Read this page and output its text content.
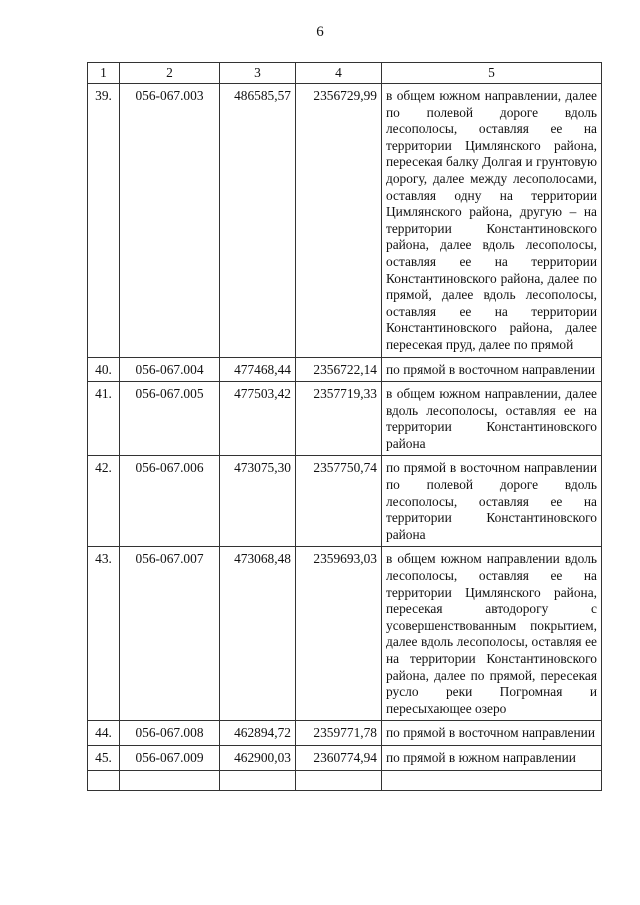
6
1	2	3	4	5
39.	056-067.003	486585,57	2356729,99	в общем южном направлении, далее по полевой дороге вдоль лесополосы, оставляя ее на территории Цимлянского района, пересекая балку Долгая и грунтовую дорогу, далее между лесополосами, оставляя одну на территории Цимлянского района, другую – на территории Константиновского района, далее вдоль лесополосы, оставляя ее на территории Константиновского района, далее по прямой, далее вдоль лесополосы, оставляя ее на территории Константиновского района, далее пересекая пруд, далее по прямой
40.	056-067.004	477468,44	2356722,14	по прямой в восточном направлении
41.	056-067.005	477503,42	2357719,33	в общем южном направлении, далее вдоль лесополосы, оставляя ее на территории Константиновского района
42.	056-067.006	473075,30	2357750,74	по прямой в восточном направлении по полевой дороге вдоль лесополосы, оставляя ее на территории Константиновского района
43.	056-067.007	473068,48	2359693,03	в общем южном направлении вдоль лесополосы, оставляя ее на территории Цимлянского района, пересекая автодорогу с усовершенствованным покрытием, далее вдоль лесополосы, оставляя ее на территории Константиновского района, далее по прямой, пересекая русло реки Погромная и пересыхающее озеро
44.	056-067.008	462894,72	2359771,78	по прямой в восточном направлении
45.	056-067.009	462900,03	2360774,94	по прямой в южном направлении
